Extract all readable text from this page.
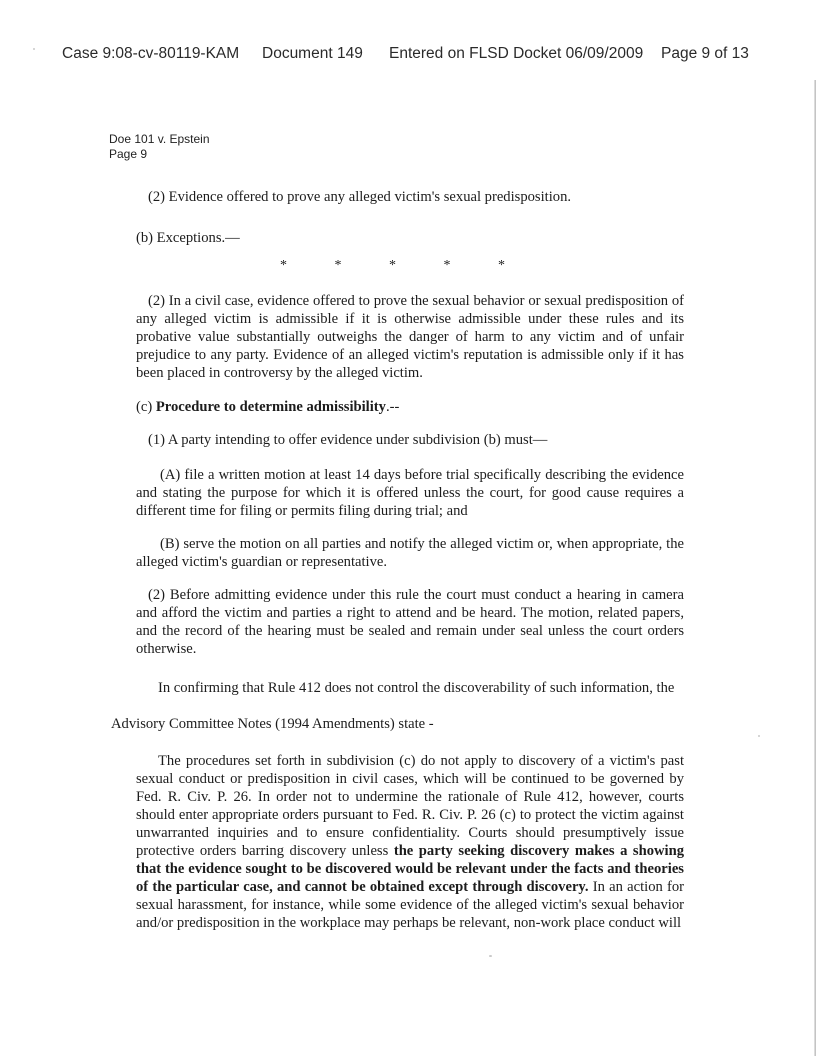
Case 9:08-cv-80119-KAM Document 149 Entered on FLSD Docket 06/09/2009 Page 9 of 13
Doe 101 v. Epstein
Page 9

(2) Evidence offered to prove any alleged victim's sexual predisposition.

(b) Exceptions.—

*	*	*	*	*

(2) In a civil case, evidence offered to prove the sexual behavior or sexual predisposition of any alleged victim is admissible if it is otherwise admissible under these rules and its probative value substantially outweighs the danger of harm to any victim and of unfair prejudice to any party. Evidence of an alleged victim's reputation is admissible only if it has been placed in controversy by the alleged victim.

(c) Procedure to determine admissibility.--

(1) A party intending to offer evidence under subdivision (b) must—

(A) file a written motion at least 14 days before trial specifically describing the evidence and stating the purpose for which it is offered unless the court, for good cause requires a different time for filing or permits filing during trial; and

(B) serve the motion on all parties and notify the alleged victim or, when appropriate, the alleged victim's guardian or representative.

(2) Before admitting evidence under this rule the court must conduct a hearing in camera and afford the victim and parties a right to attend and be heard. The motion, related papers, and the record of the hearing must be sealed and remain under seal unless the court orders otherwise.

In confirming that Rule 412 does not control the discoverability of such information, the

Advisory Committee Notes (1994 Amendments) state -

The procedures set forth in subdivision (c) do not apply to discovery of a victim's past sexual conduct or predisposition in civil cases, which will be continued to be governed by Fed. R. Civ. P. 26. In order not to undermine the rationale of Rule 412, however, courts should enter appropriate orders pursuant to Fed. R. Civ. P. 26 (c) to protect the victim against unwarranted inquiries and to ensure confidentiality. Courts should presumptively issue protective orders barring discovery unless the party seeking discovery makes a showing that the evidence sought to be discovered would be relevant under the facts and theories of the particular case, and cannot be obtained except through discovery. In an action for sexual harassment, for instance, while some evidence of the alleged victim's sexual behavior and/or predisposition in the workplace may perhaps be relevant, non-work place conduct will
